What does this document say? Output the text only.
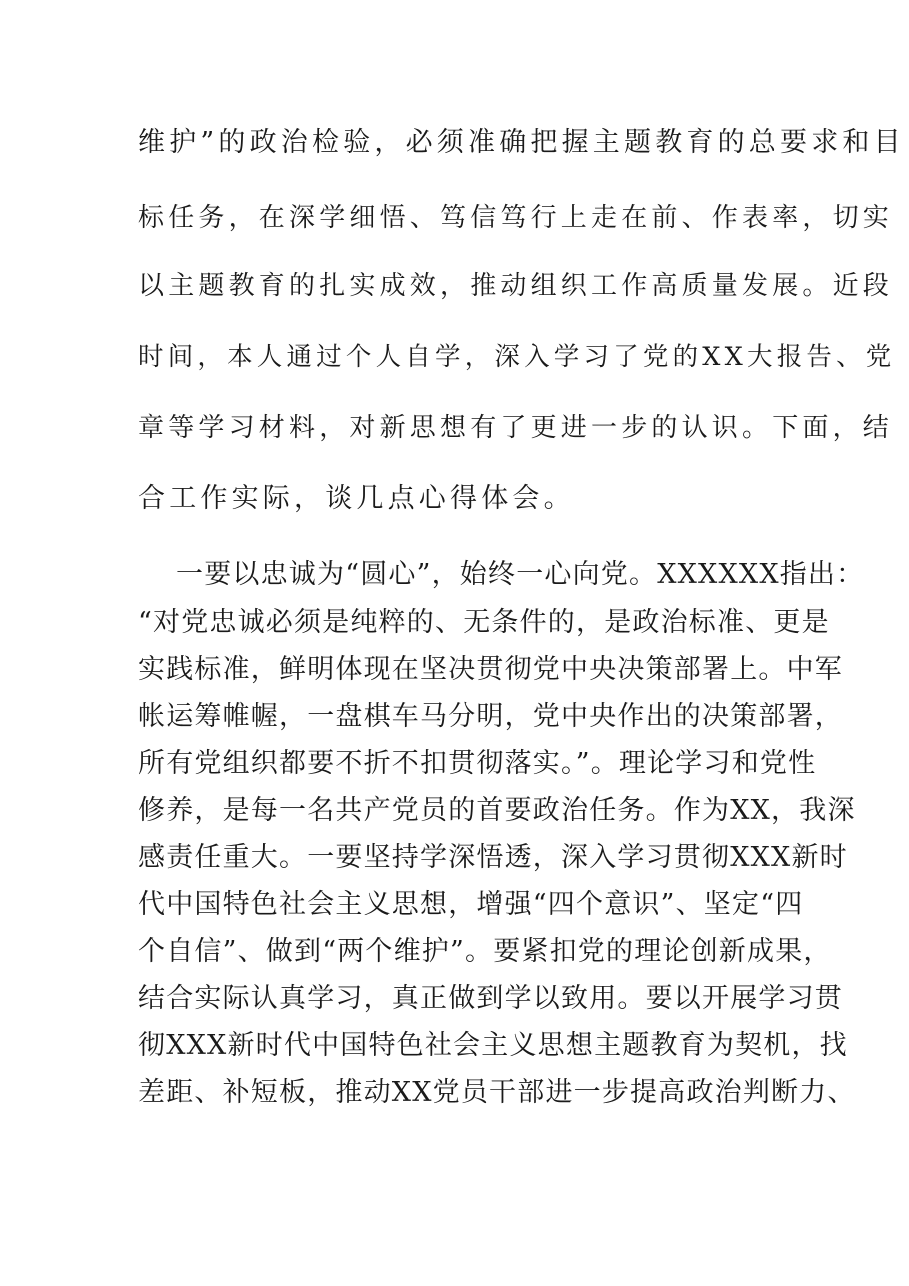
维护”的政治检验，必须准确把握主题教育的总要求和目
标任务，在深学细悟、笃信笃行上走在前、作表率，切实
以主题教育的扎实成效，推动组织工作高质量发展。近段
时间，本人通过个人自学，深入学习了党的XX大报告、党
章等学习材料，对新思想有了更进一步的认识。下面，结
合工作实际，谈几点心得体会。
一要以忠诚为“圆心”，始终一心向党。XXXXXX指出：
“对党忠诚必须是纯粹的、无条件的，是政治标准、更是
实践标准，鲜明体现在坚决贯彻党中央决策部署上。中军
帐运筹帷幄，一盘棋车马分明，党中央作出的决策部署，
所有党组织都要不折不扣贯彻落实。”。理论学习和党性
修养，是每一名共产党员的首要政治任务。作为XX，我深
感责任重大。一要坚持学深悟透，深入学习贯彻XXX新时
代中国特色社会主义思想，增强“四个意识”、坚定“四
个自信”、做到“两个维护”。要紧扣党的理论创新成果，
结合实际认真学习，真正做到学以致用。要以开展学习贯
彻XXX新时代中国特色社会主义思想主题教育为契机，找
差距、补短板，推动XX党员干部进一步提高政治判断力、
